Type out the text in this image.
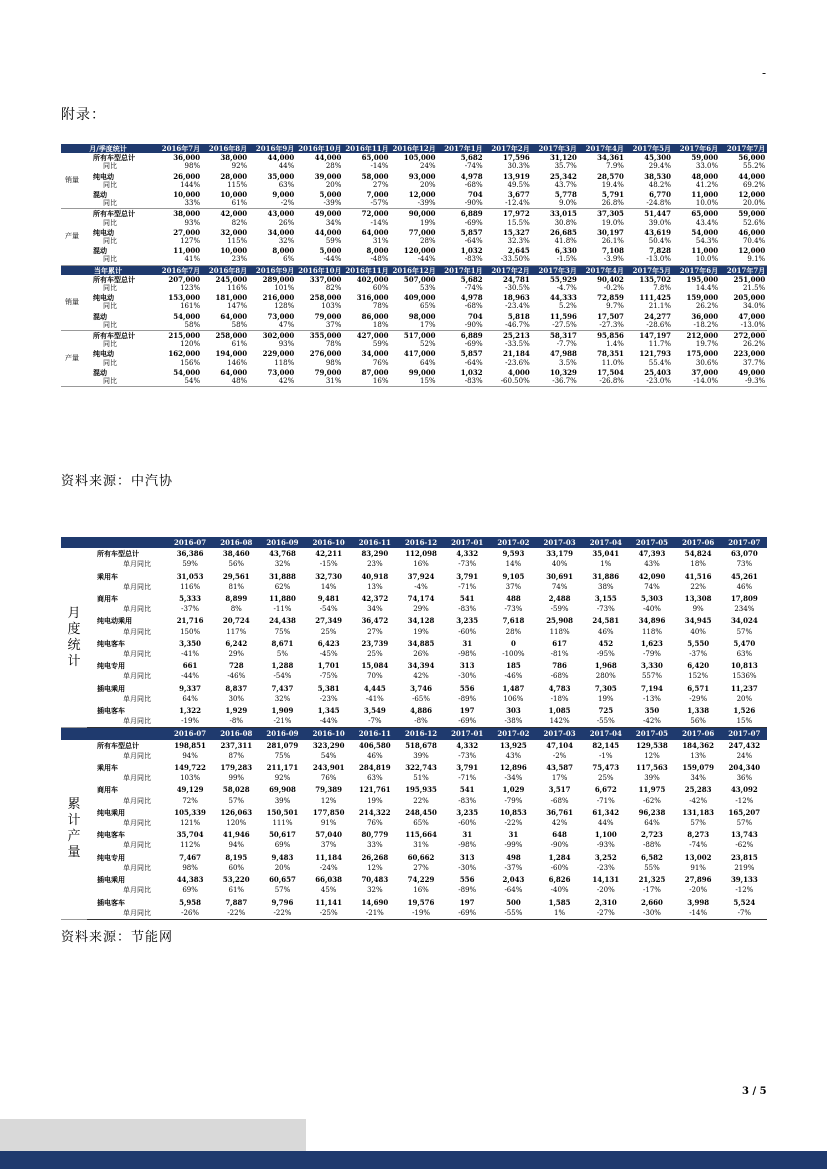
-
附录：
月/季度统计		2016年7月	2016年8月	2016年9月	2016年10月	2016年11月	2016年12月	2017年1月	2017年2月	2017年3月	2017年4月	2017年5月	2017年6月	2017年7月
销量	所有车型总计	36,000	38,000	44,000	44,000	65,000	105,000	5,682	17,596	31,120	34,361	45,300	59,000	56,000
	同比	98%	92%	44%	28%	-14%	24%	-74%	30.3%	35.7%	7.9%	29.4%	33.0%	55.2%
	纯电动	26,000	28,000	35,000	39,000	58,000	93,000	4,978	13,919	25,342	28,570	38,530	48,000	44,000
	同比	144%	115%	63%	20%	27%	20%	-68%	49.5%	43.7%	19.4%	48.2%	41.2%	69.2%
	混动	10,000	10,000	9,000	5,000	7,000	12,000	704	3,677	5,778	5,791	6,770	11,000	12,000
	同比	33%	61%	-2%	-39%	-57%	-39%	-90%	-12.4%	9.0%	26.8%	-24.8%	10.0%	20.0%
产量	所有车型总计	38,000	42,000	43,000	49,000	72,000	90,000	6,889	17,972	33,015	37,305	51,447	65,000	59,000
	同比	93%	82%	26%	34%	-14%	19%	-69%	15.5%	30.8%	19.0%	39.0%	43.4%	52.6%
	纯电动	27,000	32,000	34,000	44,000	64,000	77,000	5,857	15,327	26,685	30,197	43,619	54,000	46,000
	同比	127%	115%	32%	59%	31%	28%	-64%	32.3%	41.8%	26.1%	50.4%	54.3%	70.4%
	混动	11,000	10,000	8,000	5,000	8,000	120,000	1,032	2,645	6,330	7,108	7,828	11,000	12,000
	同比	41%	23%	6%	-44%	-48%	-44%	-83%	-33.50%	-1.5%	-3.9%	-13.0%	10.0%	9.1%
当年累计		2016年7月	2016年8月	2016年9月	2016年10月	2016年11月	2016年12月	2017年1月	2017年2月	2017年3月	2017年4月	2017年5月	2017年6月	2017年7月
销量	所有车型总计	207,000	245,000	289,000	337,000	402,000	507,000	5,682	24,781	55,929	90,402	135,702	195,000	251,000
	同比	123%	116%	101%	82%	60%	53%	-74%	-30.5%	-4.7%	-0.2%	7.8%	14.4%	21.5%
	纯电动	153,000	181,000	216,000	258,000	316,000	409,000	4,978	18,963	44,333	72,859	111,425	159,000	205,000
	同比	161%	147%	128%	103%	78%	65%	-68%	-23.4%	5.2%	9.7%	21.1%	26.2%	34.0%
	混动	54,000	64,000	73,000	79,000	86,000	98,000	704	5,818	11,596	17,507	24,277	36,000	47,000
	同比	58%	58%	47%	37%	18%	17%	-90%	-46.7%	-27.5%	-27.3%	-28.6%	-18.2%	-13.0%
产量	所有车型总计	215,000	258,000	302,000	355,000	427,000	517,000	6,889	25,213	58,317	95,856	147,197	212,000	272,000
	同比	120%	61%	93%	78%	59%	52%	-69%	-33.5%	-7.7%	1.4%	11.7%	19.7%	26.2%
	纯电动	162,000	194,000	229,000	276,000	34,000	417,000	5,857	21,184	47,988	78,351	121,793	175,000	223,000
	同比	156%	146%	118%	98%	76%	64%	-64%	-23.6%	3.5%	11.0%	55.4%	30.6%	37.7%
	混动	54,000	64,000	73,000	79,000	87,000	99,000	1,032	4,000	10,329	17,504	25,403	37,000	49,000
	同比	54%	48%	42%	31%	16%	15%	-83%	-60.50%	-36.7%	-26.8%	-23.0%	-14.0%	-9.3%
资料来源：中汽协
		2016-07	2016-08	2016-09	2016-10	2016-11	2016-12	2017-01	2017-02	2017-03	2017-04	2017-05	2017-06	2017-07

月
度
统
计	所有车型总计	36,386	38,460	43,768	42,211	83,290	112,098	4,332	9,593	33,179	35,041	47,393	54,824	63,070
	单月同比	59%	56%	32%	-15%	23%	16%	-73%	14%	40%	1%	43%	18%	73%
	乘用车	31,053	29,561	31,888	32,730	40,918	37,924	3,791	9,105	30,691	31,886	42,090	41,516	45,261
	单月同比	116%	81%	62%	14%	13%	-4%	-71%	37%	74%	38%	74%	22%	46%
	商用车	5,333	8,899	11,880	9,481	42,372	74,174	541	488	2,488	3,155	5,303	13,308	17,809
	单月同比	-37%	8%	-11%	-54%	34%	29%	-83%	-73%	-59%	-73%	-40%	9%	234%
	纯电动乘用	21,716	20,724	24,438	27,349	36,472	34,128	3,235	7,618	25,908	24,581	34,896	34,945	34,024
	单月同比	150%	117%	75%	25%	27%	19%	-60%	28%	118%	46%	118%	40%	57%
	纯电客车	3,350	6,242	8,671	6,423	23,739	34,885	31	0	617	452	1,623	5,550	5,470
	单月同比	-41%	29%	5%	-45%	25%	26%	-98%	-100%	-81%	-95%	-79%	-37%	63%
	纯电专用	661	728	1,288	1,701	15,084	34,394	313	185	786	1,968	3,330	6,420	10,813
	单月同比	-44%	-46%	-54%	-75%	70%	42%	-30%	-46%	-68%	280%	557%	152%	1536%
	插电乘用	9,337	8,837	7,437	5,381	4,445	3,746	556	1,487	4,783	7,305	7,194	6,571	11,237
	单月同比	64%	30%	32%	-23%	-41%	-65%	-89%	106%	-18%	19%	-13%	-29%	20%
	插电客车	1,322	1,929	1,909	1,345	3,549	4,886	197	303	1,085	725	350	1,338	1,526
	单月同比	-19%	-8%	-21%	-44%	-7%	-8%	-69%	-38%	142%	-55%	-42%	56%	15%
		2016-07	2016-08	2016-09	2016-10	2016-11	2016-12	2017-01	2017-02	2017-03	2017-04	2017-05	2017-06	2017-07

累
计
产
量	所有车型总计	198,851	237,311	281,079	323,290	406,580	518,678	4,332	13,925	47,104	82,145	129,538	184,362	247,432
	单月同比	94%	87%	75%	54%	46%	39%	-73%	43%	-2%	-1%	12%	13%	24%
	乘用车	149,722	179,283	211,171	243,901	284,819	322,743	3,791	12,896	43,587	75,473	117,563	159,079	204,340
	单月同比	103%	99%	92%	76%	63%	51%	-71%	-34%	17%	25%	39%	34%	36%
	商用车	49,129	58,028	69,908	79,389	121,761	195,935	541	1,029	3,517	6,672	11,975	25,283	43,092
	单月同比	72%	57%	39%	12%	19%	22%	-83%	-79%	-68%	-71%	-62%	-42%	-12%
	纯电乘用	105,339	126,063	150,501	177,850	214,322	248,450	3,235	10,853	36,761	61,342	96,238	131,183	165,207
	单月同比	121%	120%	111%	91%	76%	65%	-60%	-22%	42%	44%	64%	57%	57%
	纯电客车	35,704	41,946	50,617	57,040	80,779	115,664	31	31	648	1,100	2,723	8,273	13,743
	单月同比	112%	94%	69%	37%	33%	31%	-98%	-99%	-90%	-93%	-88%	-74%	-62%
	纯电专用	7,467	8,195	9,483	11,184	26,268	60,662	313	498	1,284	3,252	6,582	13,002	23,815
	单月同比	98%	60%	20%	-24%	12%	27%	-30%	-37%	-60%	-23%	55%	91%	219%
	插电乘用	44,383	53,220	60,657	66,038	70,483	74,229	556	2,043	6,826	14,131	21,325	27,896	39,133
	单月同比	69%	61%	57%	45%	32%	16%	-89%	-64%	-40%	-20%	-17%	-20%	-12%
	插电客车	5,958	7,887	9,796	11,141	14,690	19,576	197	500	1,585	2,310	2,660	3,998	5,524
	单月同比	-26%	-22%	-22%	-25%	-21%	-19%	-69%	-55%	1%	-27%	-30%	-14%	-7%
资料来源：节能网
3 / 5
